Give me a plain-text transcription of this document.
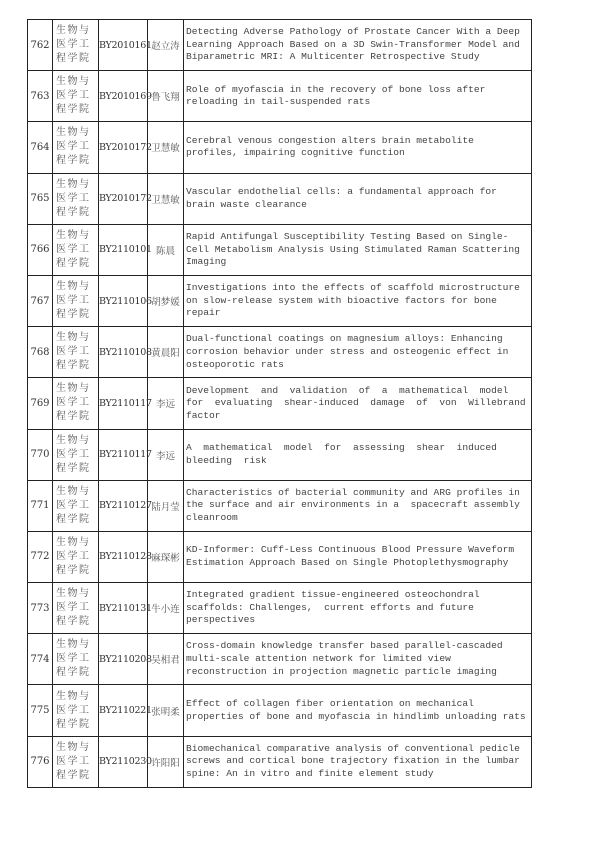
762	生物与
医学工
程学院	BY2010161	赵立涛	Detecting Adverse Pathology of Prostate Cancer With a Deep Learning Approach Based on a 3D Swin-Transformer Model and Biparametric MRI: A Multicenter Retrospective Study
763	生物与
医学工
程学院	BY2010169	鲁飞翔	Role of myofascia in the recovery of bone loss after reloading in tail-suspended rats
764	生物与
医学工
程学院	BY2010172	卫慧敏	Cerebral venous congestion alters brain metabolite profiles, impairing cognitive function
765	生物与
医学工
程学院	BY2010172	卫慧敏	Vascular endothelial cells: a fundamental approach for brain waste clearance
766	生物与
医学工
程学院	BY2110101	陈晨	Rapid Antifungal Susceptibility Testing Based on Single-Cell Metabolism Analysis Using Stimulated Raman Scattering Imaging
767	生物与
医学工
程学院	BY2110106	胡梦媛	Investigations into the effects of scaffold microstructure on slow-release system with bioactive factors for bone repair
768	生物与
医学工
程学院	BY2110108	黄晨阳	Dual-functional coatings on magnesium alloys: Enhancing corrosion behavior under stress and osteogenic effect in osteoporotic rats
769	生物与
医学工
程学院	BY2110117	李远	Development  and  validation  of  a  mathematical  model  for  evaluating  shear-induced  damage  of  von  Willebrand  factor
770	生物与
医学工
程学院	BY2110117	李远	A  mathematical  model  for  assessing  shear  induced  bleeding  risk
771	生物与
医学工
程学院	BY2110127	陆月莹	Characteristics of bacterial community and ARG profiles in the surface and air environments in a  spacecraft assembly cleanroom
772	生物与
医学工
程学院	BY2110128	麻琛彬	KD-Informer: Cuff-Less Continuous Blood Pressure Waveform Estimation Approach Based on Single Photoplethysmography
773	生物与
医学工
程学院	BY2110131	牛小连	Integrated gradient tissue-engineered osteochondral scaffolds: Challenges,  current efforts and future perspectives
774	生物与
医学工
程学院	BY2110208	吴相君	Cross-domain knowledge transfer based parallel-cascaded multi-scale attention network for limited view reconstruction in projection magnetic particle imaging
775	生物与
医学工
程学院	BY2110221	张明柔	Effect of collagen fiber orientation on mechanical properties of bone and myofascia in hindlimb unloading rats
776	生物与
医学工
程学院	BY2110230	许阳阳	Biomechanical comparative analysis of conventional pedicle screws and cortical bone trajectory fixation in the lumbar spine: An in vitro and finite element study
